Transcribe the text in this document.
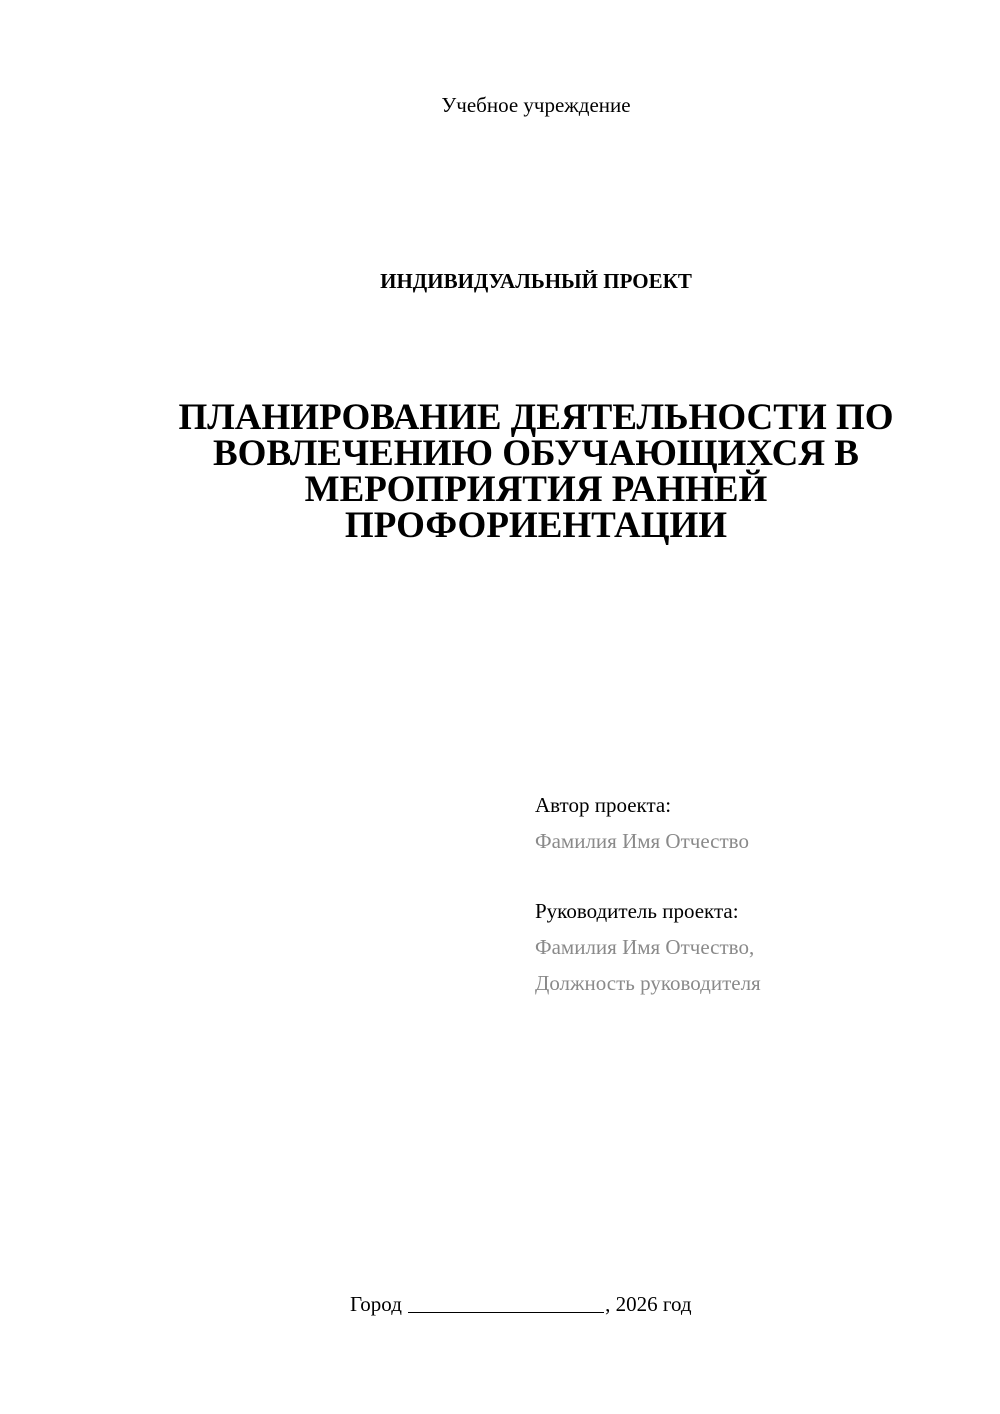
Учебное учреждение
ИНДИВИДУАЛЬНЫЙ ПРОЕКТ
ПЛАНИРОВАНИЕ ДЕЯТЕЛЬНОСТИ ПО
ВОВЛЕЧЕНИЮ ОБУЧАЮЩИХСЯ В
МЕРОПРИЯТИЯ РАННЕЙ
ПРОФОРИЕНТАЦИИ
Автор проекта:
Фамилия Имя Отчество
Руководитель проекта:
Фамилия Имя Отчество,
Должность руководителя
Город	, 2026 год
